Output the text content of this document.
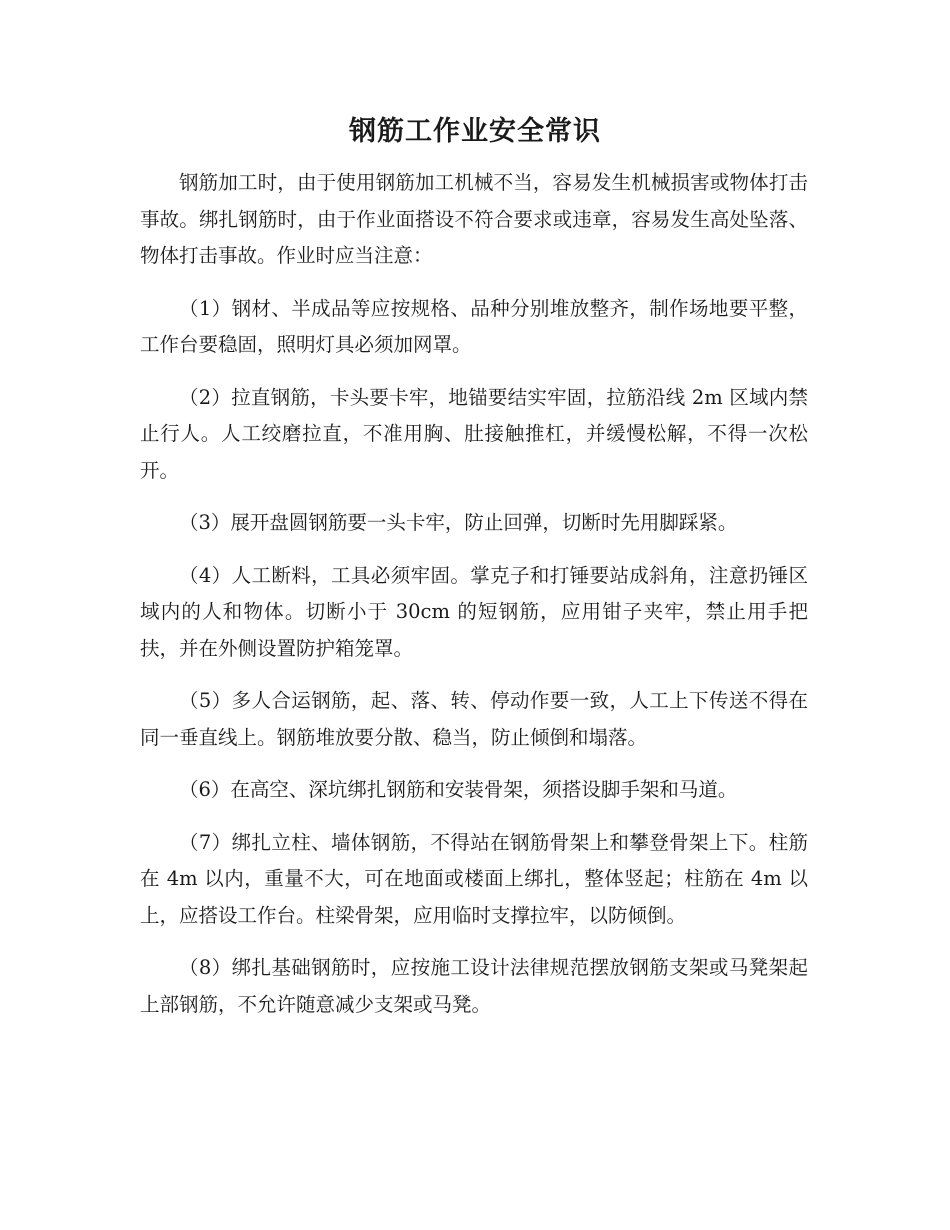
钢筋工作业安全常识

钢筋加工时，由于使用钢筋加工机械不当，容易发生机械损害或物体打击事故。绑扎钢筋时，由于作业面搭设不符合要求或违章，容易发生高处坠落、物体打击事故。作业时应当注意：

（1）钢材、半成品等应按规格、品种分别堆放整齐，制作场地要平整，工作台要稳固，照明灯具必须加网罩。

（2）拉直钢筋，卡头要卡牢，地锚要结实牢固，拉筋沿线 2m 区域内禁止行人。人工绞磨拉直，不准用胸、肚接触推杠，并缓慢松解，不得一次松开。

（3）展开盘圆钢筋要一头卡牢，防止回弹，切断时先用脚踩紧。

（4）人工断料，工具必须牢固。掌克子和打锤要站成斜角，注意扔锤区域内的人和物体。切断小于 30cm 的短钢筋，应用钳子夹牢，禁止用手把扶，并在外侧设置防护箱笼罩。

（5）多人合运钢筋，起、落、转、停动作要一致，人工上下传送不得在同一垂直线上。钢筋堆放要分散、稳当，防止倾倒和塌落。

（6）在高空、深坑绑扎钢筋和安装骨架，须搭设脚手架和马道。

（7）绑扎立柱、墙体钢筋，不得站在钢筋骨架上和攀登骨架上下。柱筋在 4m 以内，重量不大，可在地面或楼面上绑扎，整体竖起；柱筋在 4m 以上，应搭设工作台。柱梁骨架，应用临时支撑拉牢，以防倾倒。

（8）绑扎基础钢筋时，应按施工设计法律规范摆放钢筋支架或马凳架起上部钢筋，不允许随意减少支架或马凳。
